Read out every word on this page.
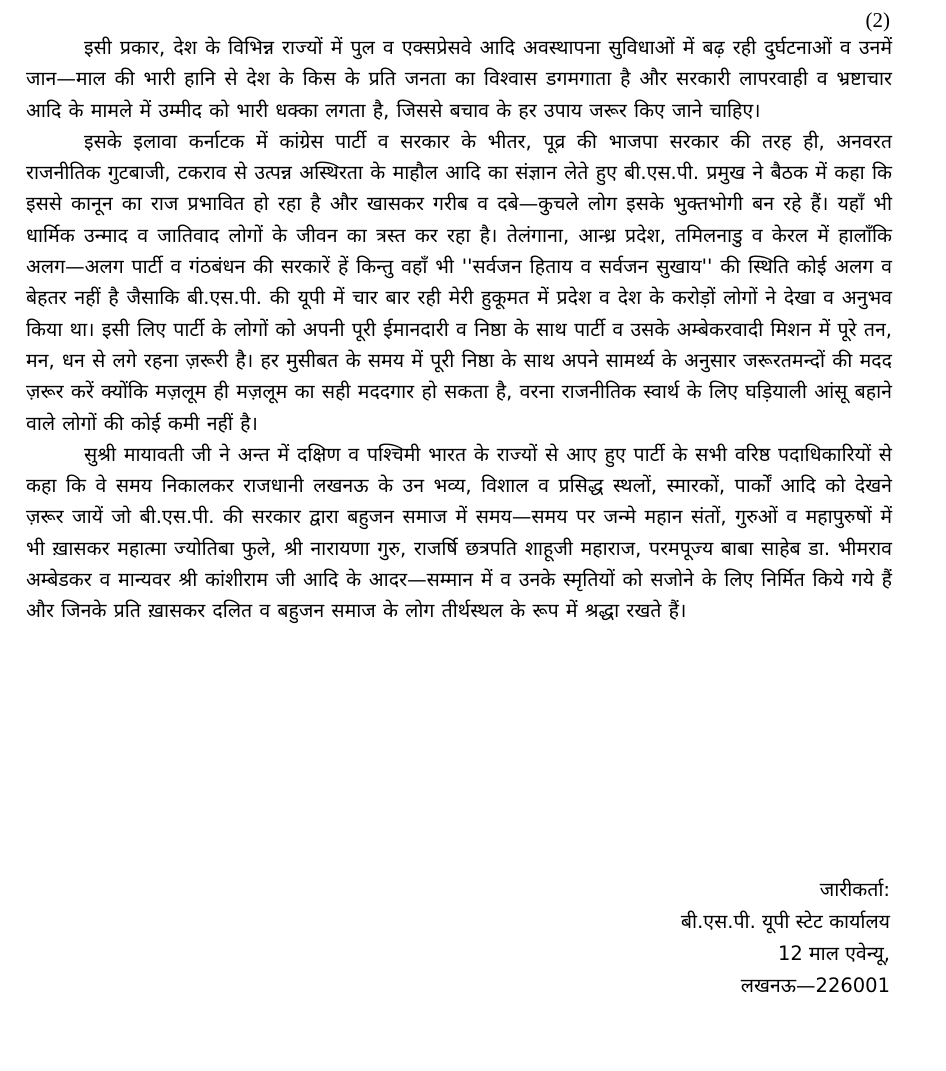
(2)

इसी प्रकार, देश के विभिन्न राज्यों में पुल व एक्सप्रेसवे आदि अवस्थापना सुविधाओं में बढ़ रही दुर्घटनाओं व उनमें जान—माल की भारी हानि से देश के किस के प्रति जनता का विश्वास डगमगाता है और सरकारी लापरवाही व भ्रष्टाचार आदि के मामले में उम्मीद को भारी धक्का लगता है, जिससे बचाव के हर उपाय जरूर किए जाने चाहिए।

इसके इलावा कर्नाटक में कांग्रेस पार्टी व सरकार के भीतर, पूव्र की भाजपा सरकार की तरह ही, अनवरत राजनीतिक गुटबाजी, टकराव से उत्पन्न अस्थिरता के माहौल आदि का संज्ञान लेते हुए बी.एस.पी. प्रमुख ने बैठक में कहा कि इससे कानून का राज प्रभावित हो रहा है और खासकर गरीब व दबे—कुचले लोग इसके भुक्तभोगी बन रहे हैं। यहाँ भी धार्मिक उन्माद व जातिवाद लोगों के जीवन का त्रस्त कर रहा है। तेलंगाना, आन्ध्र प्रदेश, तमिलनाडु व केरल में हालाँकि अलग—अलग पार्टी व गंठबंधन की सरकारें हें किन्तु वहाँ भी ''सर्वजन हिताय व सर्वजन सुखाय'' की स्थिति कोई अलग व बेहतर नहीं है जैसाकि बी.एस.पी. की यूपी में चार बार रही मेरी हुकूमत में प्रदेश व देश के करोड़ों लोगों ने देखा व अनुभव किया था। इसी लिए पार्टी के लोगों को अपनी पूरी ईमानदारी व निष्ठा के साथ पार्टी व उसके अम्बेकरवादी मिशन में पूरे तन, मन, धन से लगे रहना ज़रूरी है। हर मुसीबत के समय में पूरी निष्ठा के साथ अपने सामर्थ्य के अनुसार जरूरतमन्दों की मदद ज़रूर करें क्योंकि मज़लूम ही मज़लूम का सही मददगार हो सकता है, वरना राजनीतिक स्वार्थ के लिए घड़ियाली आंसू बहाने वाले लोगों की कोई कमी नहीं है।

सुश्री मायावती जी ने अन्त में दक्षिण व पश्चिमी भारत के राज्यों से आए हुए पार्टी के सभी वरिष्ठ पदाधिकारियों से कहा कि वे समय निकालकर राजधानी लखनऊ के उन भव्य, विशाल व प्रसिद्ध स्थलों, स्मारकों, पार्कों आदि को देखने ज़रूर जायें जो बी.एस.पी. की सरकार द्वारा बहुजन समाज में समय—समय पर जन्मे महान संतों, गुरुओं व महापुरुषों में भी ख़ासकर महात्मा ज्योतिबा फुले, श्री नारायणा गुरु, राजर्षि छत्रपति शाहूजी महाराज, परमपूज्य बाबा साहेब डा. भीमराव अम्बेडकर व मान्यवर श्री कांशीराम जी आदि के आदर—सम्मान में व उनके स्मृतियों को सजोने के लिए निर्मित किये गये हैं और जिनके प्रति ख़ासकर दलित व बहुजन समाज के लोग तीर्थस्थल के रूप में श्रद्धा रखते हैं।

जारीकर्ता:
बी.एस.पी. यूपी स्टेट कार्यालय
12 माल एवेन्यू,
लखनऊ—226001
